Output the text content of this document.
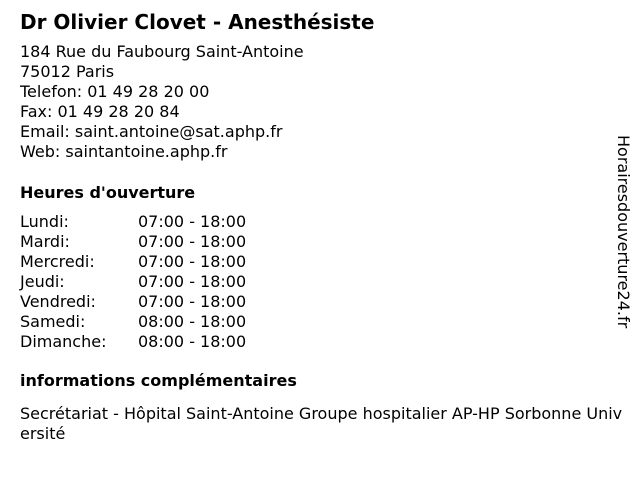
Dr Olivier Clovet - Anesthésiste
184 Rue du Faubourg Saint-Antoine
75012 Paris
Telefon: 01 49 28 20 00
Fax: 01 49 28 20 84
Email: saint.antoine@sat.aphp.fr
Web: saintantoine.aphp.fr
Heures d'ouverture
Lundi:	07:00 - 18:00
Mardi:	07:00 - 18:00
Mercredi:	07:00 - 18:00
Jeudi:	07:00 - 18:00
Vendredi:	07:00 - 18:00
Samedi:	08:00 - 18:00
Dimanche:	08:00 - 18:00
informations complémentaires
Secrétariat - Hôpital Saint-Antoine Groupe hospitalier AP-HP Sorbonne Université
Horairesdouverture24.fr
